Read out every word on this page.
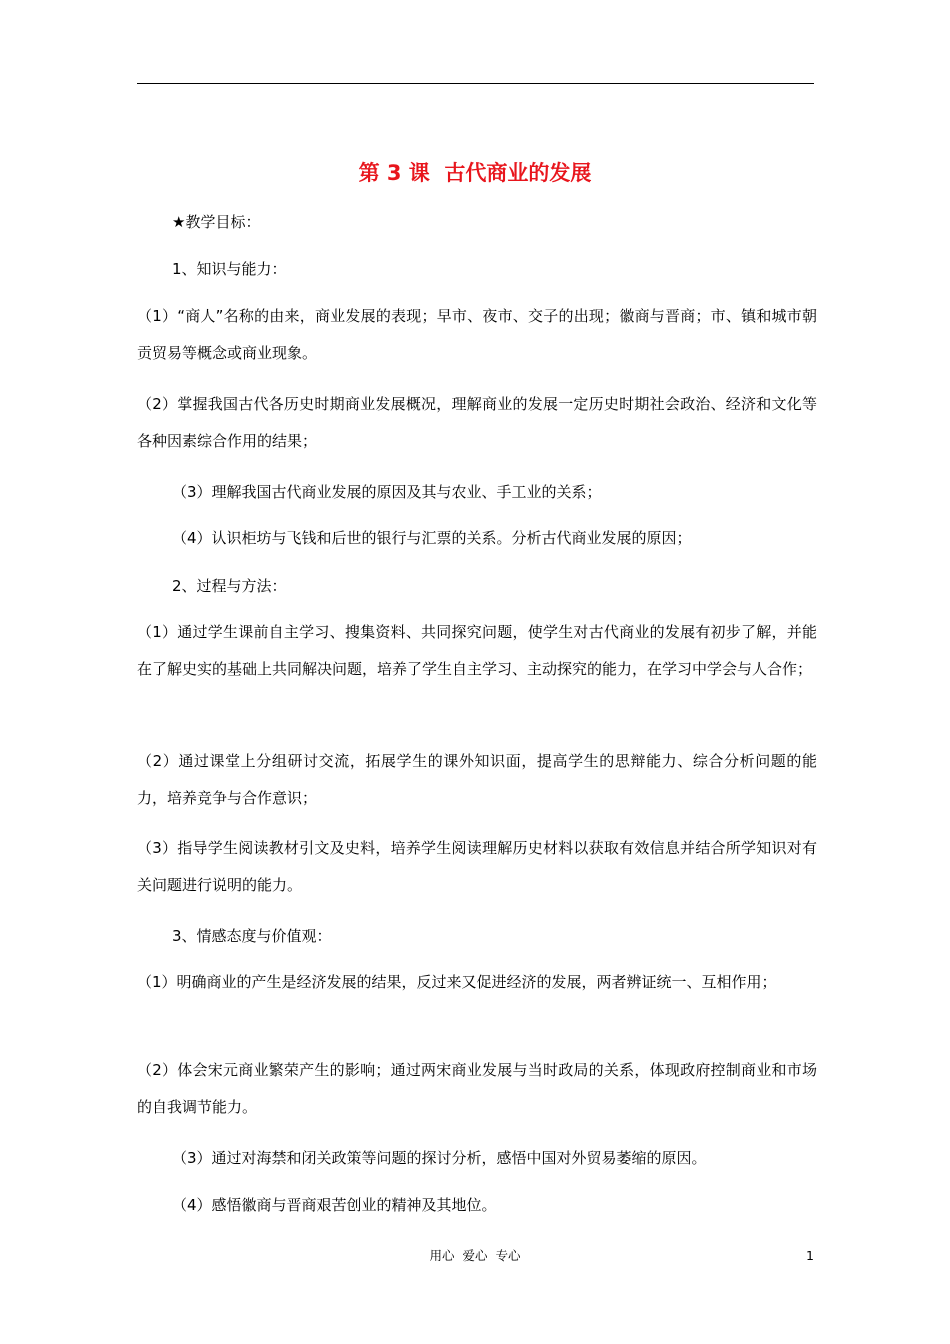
第 3 课  古代商业的发展
★教学目标：
1、知识与能力：
（1）“商人”名称的由来，商业发展的表现；早市、夜市、交子的出现；徽商与晋商；市、镇和城市朝贡贸易等概念或商业现象。
（2）掌握我国古代各历史时期商业发展概况，理解商业的发展一定历史时期社会政治、经济和文化等各种因素综合作用的结果；
（3）理解我国古代商业发展的原因及其与农业、手工业的关系；
（4）认识柜坊与飞钱和后世的银行与汇票的关系。分析古代商业发展的原因；
2、过程与方法：
（1）通过学生课前自主学习、搜集资料、共同探究问题，使学生对古代商业的发展有初步了解，并能在了解史实的基础上共同解决问题，培养了学生自主学习、主动探究的能力，在学习中学会与人合作；
（2）通过课堂上分组研讨交流，拓展学生的课外知识面，提高学生的思辩能力、综合分析问题的能力，培养竞争与合作意识；
（3）指导学生阅读教材引文及史料，培养学生阅读理解历史材料以获取有效信息并结合所学知识对有关问题进行说明的能力。
3、情感态度与价值观：
（1）明确商业的产生是经济发展的结果，反过来又促进经济的发展，两者辨证统一、互相作用；
（2）体会宋元商业繁荣产生的影响；通过两宋商业发展与当时政局的关系，体现政府控制商业和市场的自我调节能力。
（3）通过对海禁和闭关政策等问题的探讨分析，感悟中国对外贸易萎缩的原因。
（4）感悟徽商与晋商艰苦创业的精神及其地位。
用心  爱心  专心	1
